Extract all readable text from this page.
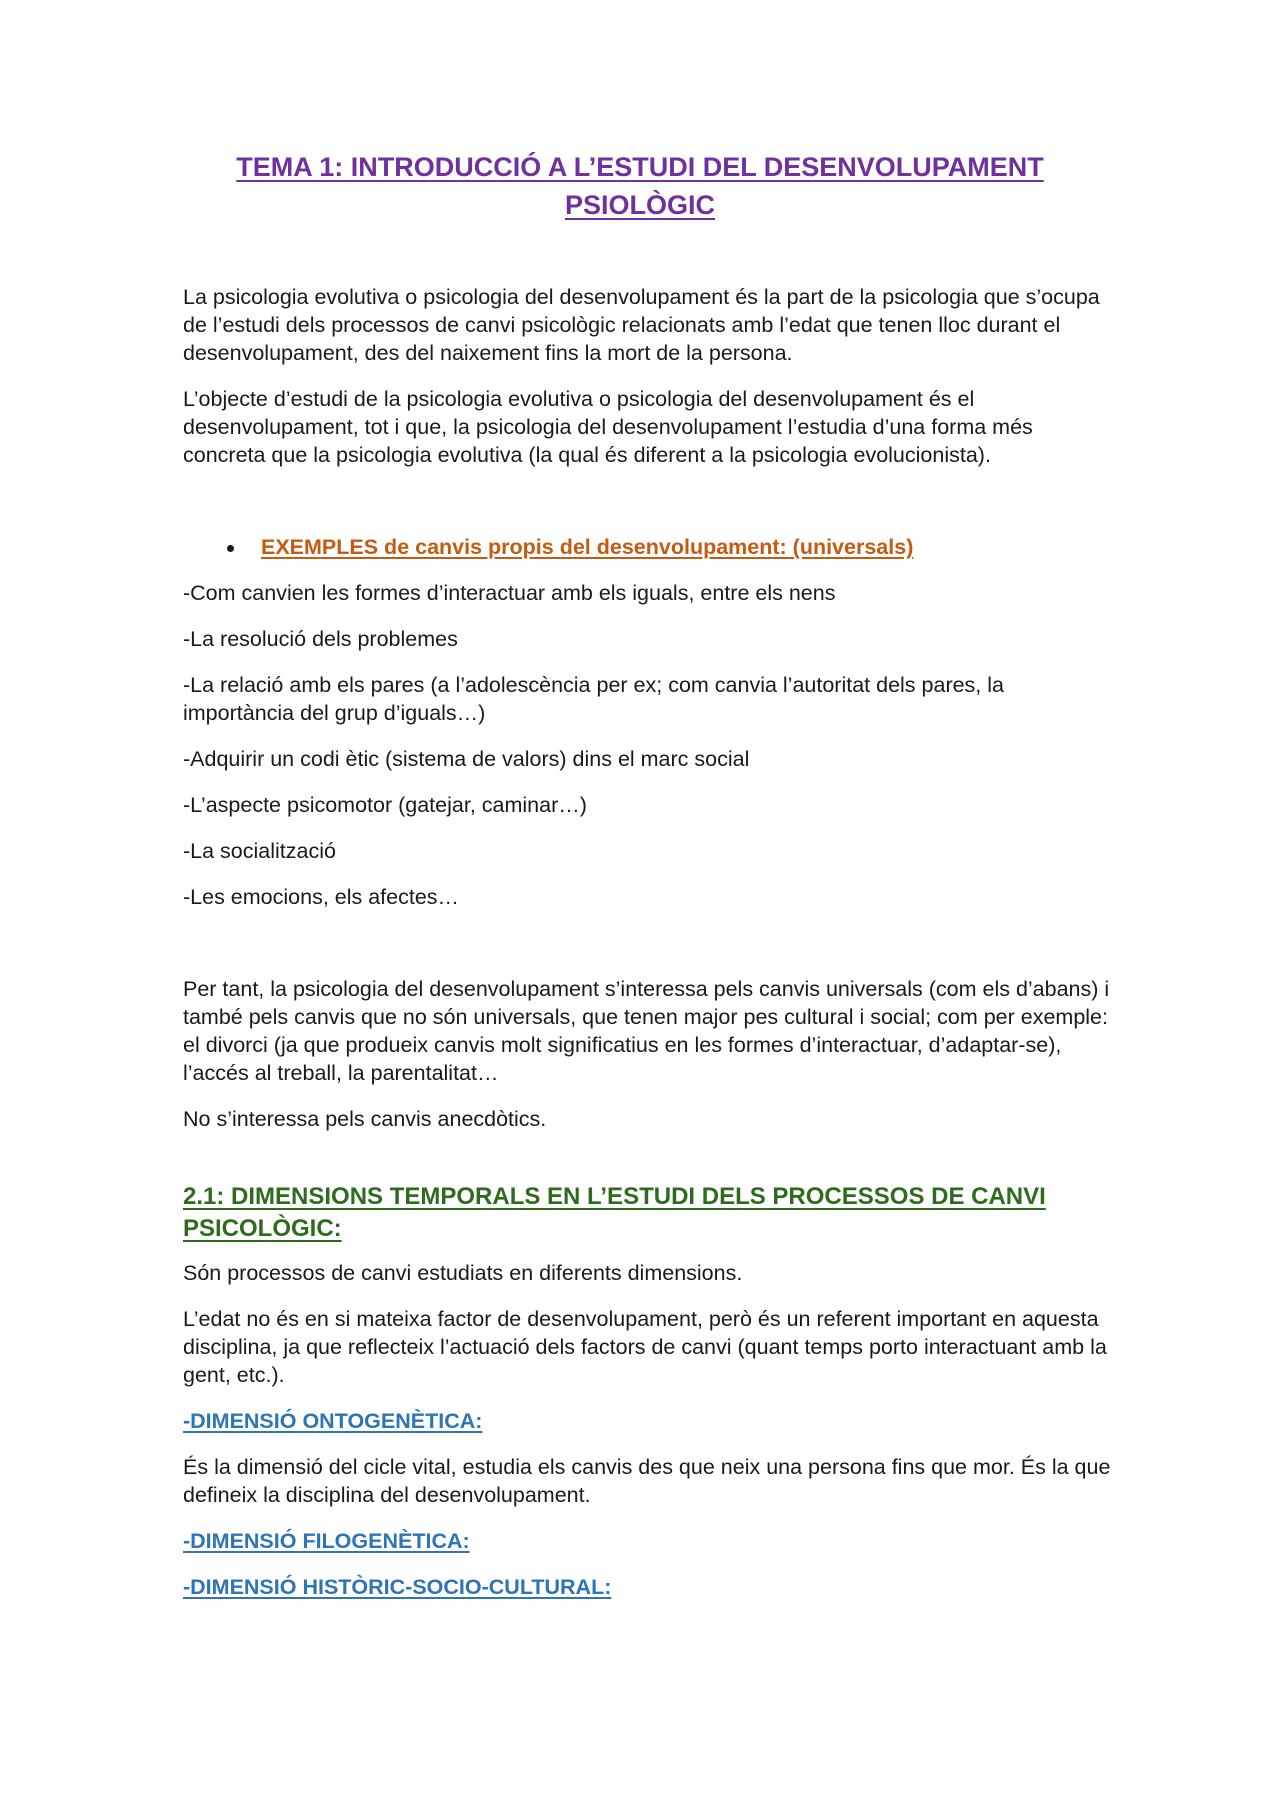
TEMA 1: INTRODUCCIÓ A L’ESTUDI DEL DESENVOLUPAMENT
PSIOLÒGIC

La psicologia evolutiva o psicologia del desenvolupament és la part de la psicologia que s’ocupa de l’estudi dels processos de canvi psicològic relacionats amb l’edat que tenen lloc durant el desenvolupament, des del naixement fins la mort de la persona.

L’objecte d’estudi de la psicologia evolutiva o psicologia del desenvolupament és el desenvolupament, tot i que, la psicologia del desenvolupament l’estudia d’una forma més concreta que la psicologia evolutiva (la qual és diferent a la psicologia evolucionista).

EXEMPLES de canvis propis del desenvolupament: (universals)

-Com canvien les formes d’interactuar amb els iguals, entre els nens

-La resolució dels problemes

-La relació amb els pares (a l’adolescència per ex; com canvia l’autoritat dels pares, la importància del grup d’iguals…)

-Adquirir un codi ètic (sistema de valors) dins el marc social

-L’aspecte psicomotor (gatejar, caminar…)

-La socialització

-Les emocions, els afectes…

Per tant, la psicologia del desenvolupament s’interessa pels canvis universals (com els d’abans) i també pels canvis que no són universals, que tenen major pes cultural i social; com per exemple: el divorci (ja que produeix canvis molt significatius en les formes d’interactuar, d’adaptar-se), l’accés al treball, la parentalitat…

No s’interessa pels canvis anecdòtics.

2.1: DIMENSIONS TEMPORALS EN L’ESTUDI DELS PROCESSOS DE CANVI PSICOLÒGIC:

Són processos de canvi estudiats en diferents dimensions.

L’edat no és en si mateixa factor de desenvolupament, però és un referent important en aquesta disciplina, ja que reflecteix l’actuació dels factors de canvi (quant temps porto interactuant amb la gent, etc.).

-DIMENSIÓ ONTOGENÈTICA:

És la dimensió del cicle vital, estudia els canvis des que neix una persona fins que mor. És la que defineix la disciplina del desenvolupament.

-DIMENSIÓ FILOGENÈTICA:

-DIMENSIÓ HISTÒRIC-SOCIO-CULTURAL:
